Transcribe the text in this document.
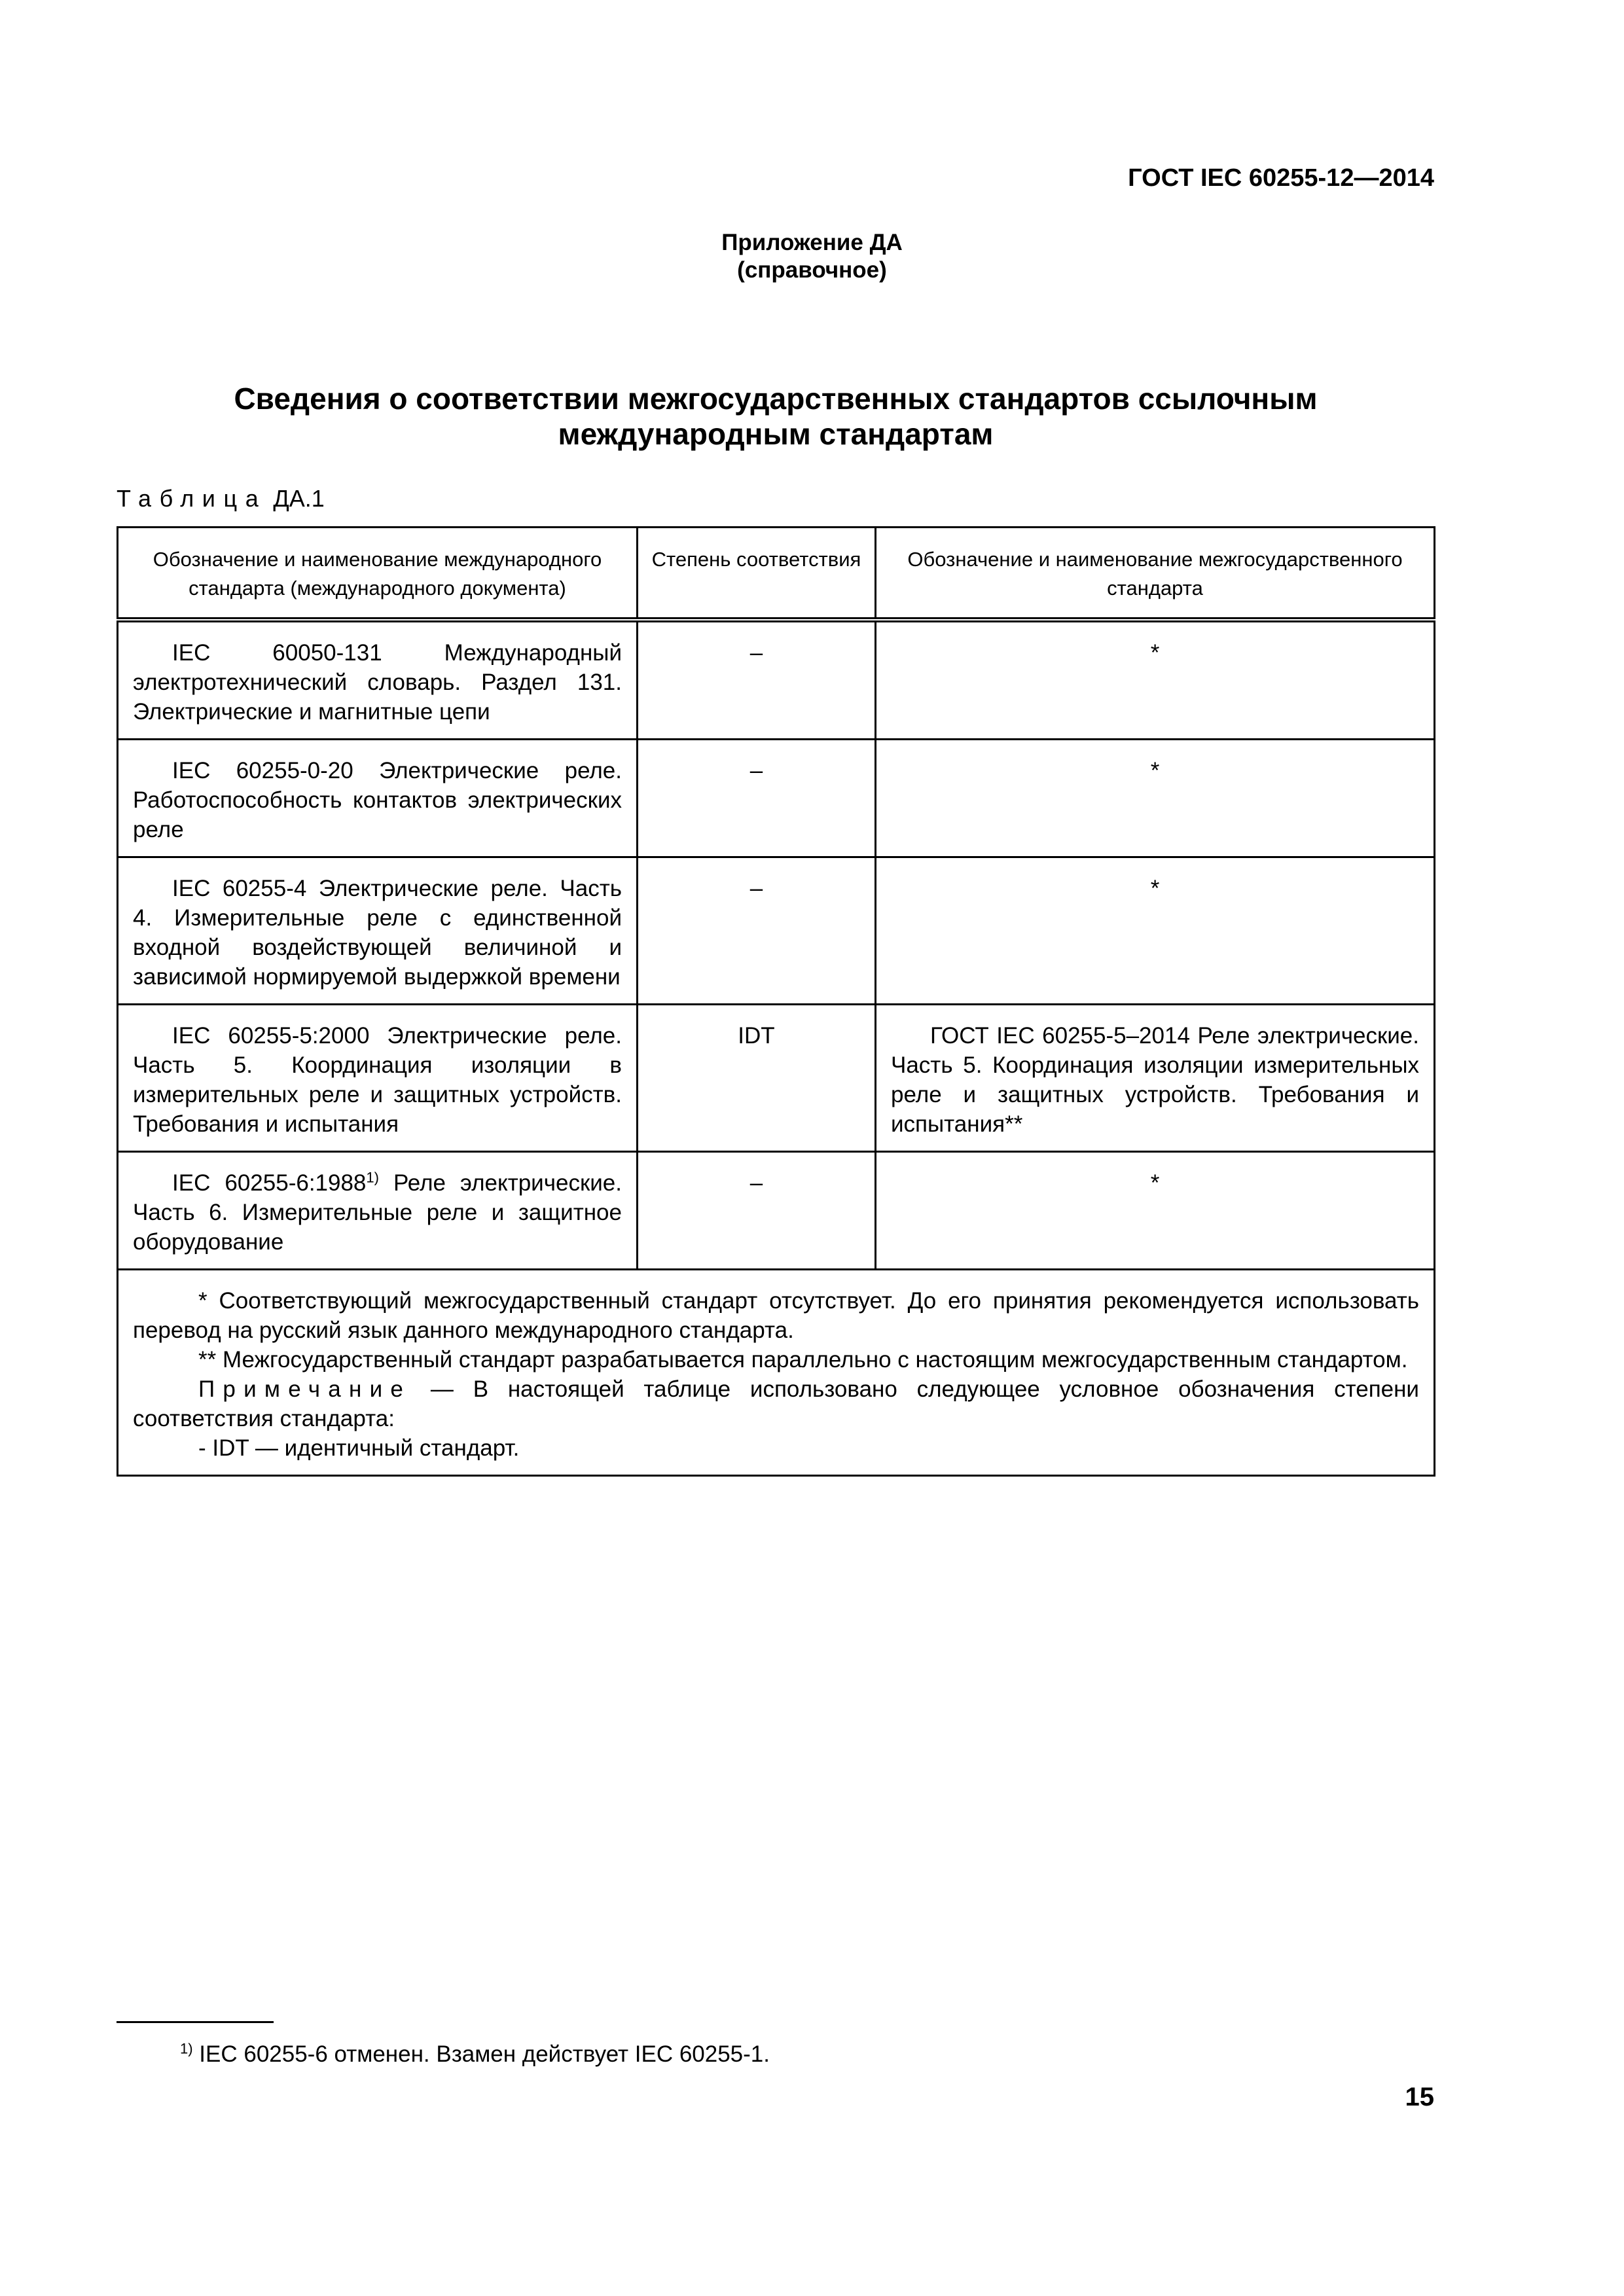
ГОСТ IEC 60255-12—2014
Приложение ДА
(справочное)
Сведения о соответствии межгосударственных стандартов ссылочным
международным стандартам
Таблица ДА.1
Обозначение и наименование международного стандарта (международного документа)	Степень соответствия	Обозначение и наименование межгосударственного стандарта
IEC 60050-131 Международный электротехнический словарь. Раздел 131. Электрические и магнитные цепи	–	*
IEC 60255-0-20 Электрические реле. Работоспособность контактов электрических реле	–	*
IEC 60255-4 Электрические реле. Часть 4. Измерительные реле с единственной входной воздействующей величиной и зависимой нормируемой выдержкой времени	–	*
IEC 60255-5:2000 Электрические реле. Часть 5. Координация изоляции в измерительных реле и защитных устройств. Требования и испытания	IDT	ГОСТ IEC 60255-5–2014 Реле электрические. Часть 5. Координация изоляции измерительных реле и защитных устройств. Требования и испытания**
IEC 60255-6:1988$^{1)}$ Реле электрические. Часть 6. Измерительные реле и защитное оборудование	–	*

* Соответствующий межгосударственный стандарт отсутствует. До его принятия рекомендуется использовать перевод на русский язык данного международного стандарта.

** Межгосударственный стандарт разрабатывается параллельно с настоящим межгосударственным стандартом.

Примечание — В настоящей таблице использовано следующее условное обозначения степени соответствия стандарта:

- IDT — идентичный стандарт.		

$^{1)}$ IEC 60255-6 отменен. Взамен действует IEC 60255-1.
15
